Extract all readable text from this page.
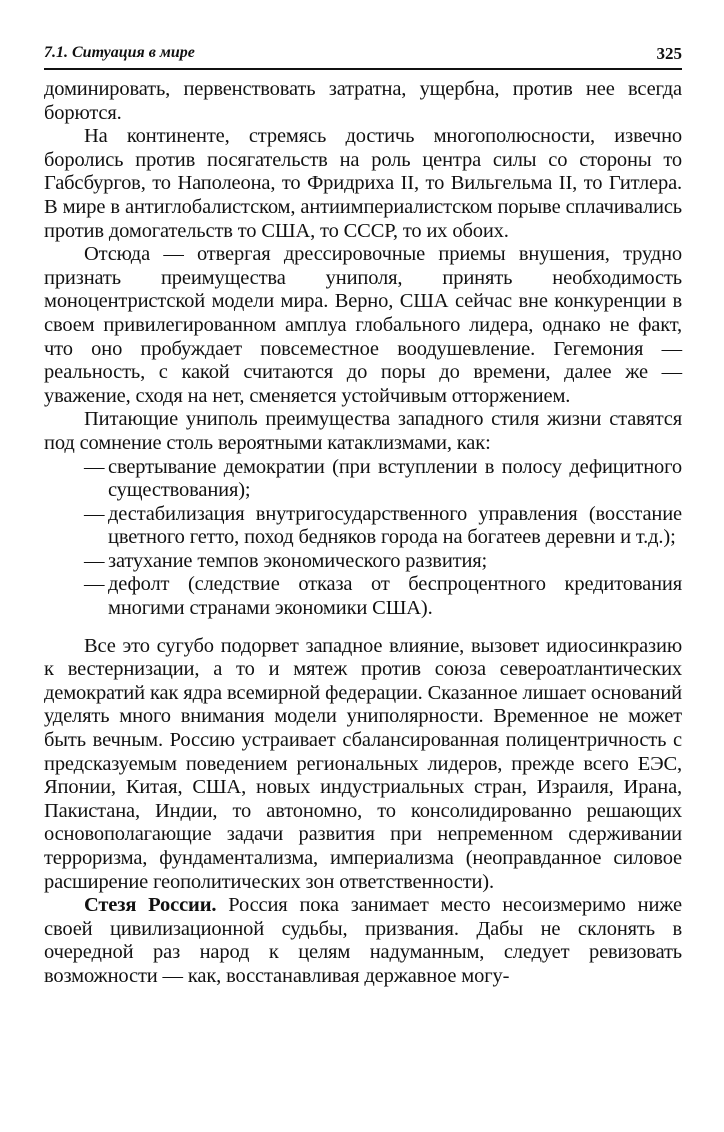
7.1. Ситуация в мире	325

доминировать, первенствовать затратна, ущербна, против нее всегда борются.

На континенте, стремясь достичь многополюсности, извечно боролись против посягательств на роль центра силы со стороны то Габсбургов, то Наполеона, то Фридриха II, то Вильгельма II, то Гитлера. В мире в антиглобалистском, антиимпериалистском порыве сплачивались против домогательств то США, то СССР, то их обоих.

Отсюда — отвергая дрессировочные приемы внушения, трудно признать преимущества униполя, принять необходимость моноцентристской модели мира. Верно, США сейчас вне конкуренции в своем привилегированном амплуа глобального лидера, однако не факт, что оно пробуждает повсеместное воодушевление. Гегемония — реальность, с какой считаются до поры до времени, далее же — уважение, сходя на нет, сменяется устойчивым отторжением.

Питающие униполь преимущества западного стиля жизни ставятся под сомнение столь вероятными катаклизмами, как:

— свертывание демократии (при вступлении в полосу дефицитного существования);
— дестабилизация внутригосударственного управления (восстание цветного гетто, поход бедняков города на богатеев деревни и т.д.);
— затухание темпов экономического развития;
— дефолт (следствие отказа от беспроцентного кредитования многими странами экономики США).

Все это сугубо подорвет западное влияние, вызовет идиосинкразию к вестернизации, а то и мятеж против союза североатлантических демократий как ядра всемирной федерации. Сказанное лишает оснований уделять много внимания модели униполярности. Временное не может быть вечным. Россию устраивает сбалансированная полицентричность с предсказуемым поведением региональных лидеров, прежде всего ЕЭС, Японии, Китая, США, новых индустриальных стран, Израиля, Ирана, Пакистана, Индии, то автономно, то консолидированно решающих основополагающие задачи развития при непременном сдерживании терроризма, фундаментализма, империализма (неоправданное силовое расширение геополитических зон ответственности).

Стезя России. Россия пока занимает место несоизмеримо ниже своей цивилизационной судьбы, призвания. Дабы не склонять в очередной раз народ к целям надуманным, следует ревизовать возможности — как, восстанавливая державное могу-
